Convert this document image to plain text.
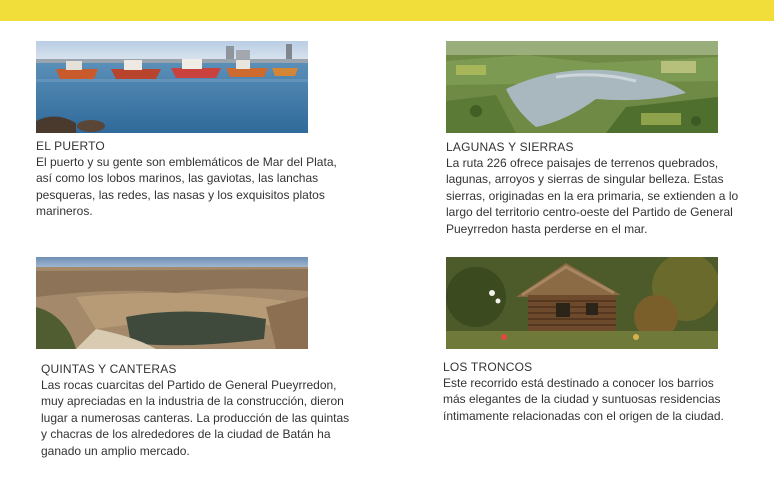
EL PUERTO

El puerto y su gente son emblemáticos de Mar del Plata,
así como los lobos marinos, las gaviotas, las lanchas
pesqueras, las redes, las nasas y los exquisitos platos
marineros.

LAGUNAS Y SIERRAS

La ruta 226 ofrece paisajes de terrenos quebrados,
lagunas, arroyos y sierras de singular belleza. Estas
sierras, originadas en la era primaria, se extienden a lo
largo del territorio centro-oeste del Partido de General
Pueyrredon hasta perderse en el mar.

QUINTAS Y CANTERAS

Las rocas cuarcitas del Partido de General Pueyrredon,
muy apreciadas en la industria de la construcción, dieron
lugar a numerosas canteras. La producción de las quintas
y chacras de los alrededores de la ciudad de Batán ha
ganado un amplio mercado.

LOS TRONCOS

Este recorrido está destinado a conocer los barrios
más elegantes de la ciudad y suntuosas residencias
íntimamente relacionadas con el origen de la ciudad.
